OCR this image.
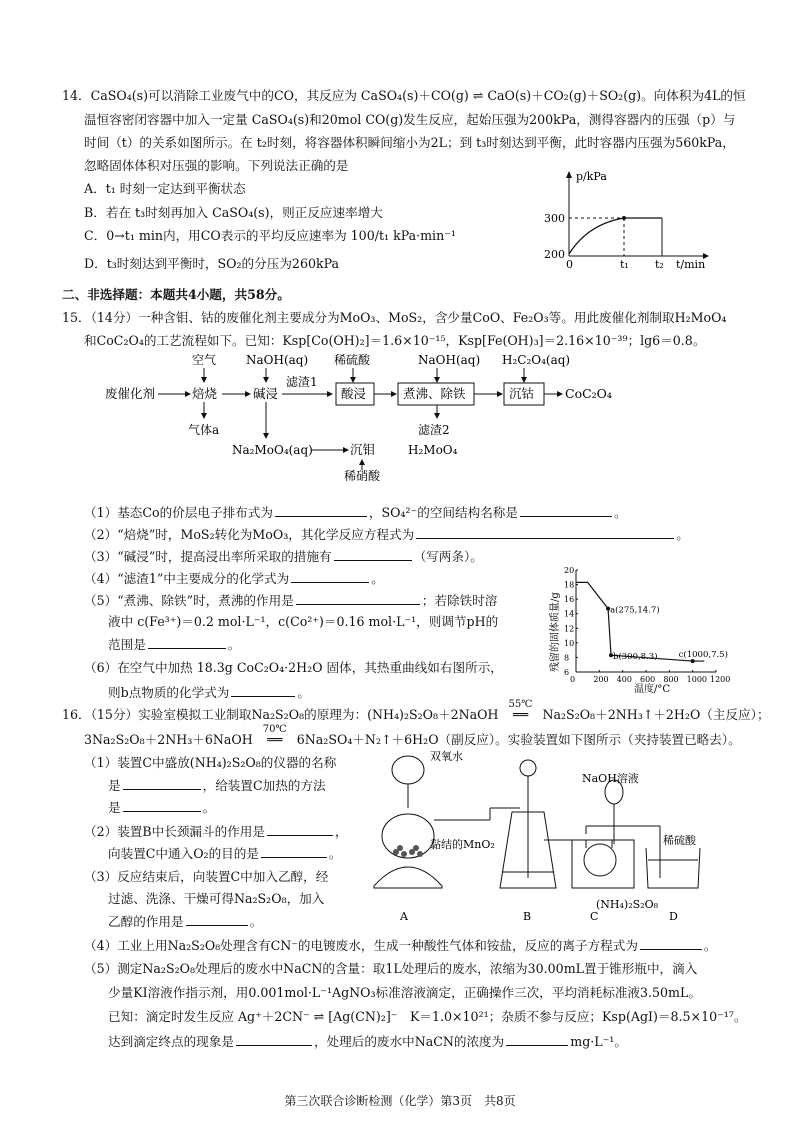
14．CaSO₄(s)可以消除工业废气中的CO，其反应为 CaSO₄(s)＋CO(g) ⇌ CaO(s)＋CO₂(g)＋SO₂(g)。向体积为4L的恒
温恒容密闭容器中加入一定量 CaSO₄(s)和20mol CO(g)发生反应，起始压强为200kPa，测得容器内的压强（p）与
时间（t）的关系如图所示。在 t₂时刻，将容器体积瞬间缩小为2L；到 t₃时刻达到平衡，此时容器内压强为560kPa，
忽略固体体积对压强的影响。下列说法正确的是
A．t₁ 时刻一定达到平衡状态
B．若在 t₃时刻再加入 CaSO₄(s)，则正反应速率增大
C．0→t₁ min内，用CO表示的平均反应速率为 100/t₁ kPa·min⁻¹
D．t₃时刻达到平衡时，SO₂的分压为260kPa
p/kPa
t/min
300
200
0	t₁ t₂
二、非选择题：本题共4小题，共58分。
15．（14分）一种含钼、钴的废催化剂主要成分为MoO₃、MoS₂，含少量CoO、Fe₂O₃等。用此废催化剂制取H₂MoO₄
和CoC₂O₄的工艺流程如下。已知：Ksp[Co(OH)₂]＝1.6×10⁻¹⁵，Ksp[Fe(OH)₃]＝2.16×10⁻³⁹；lg6＝0.8。
废催化剂
空气
焙烧
气体a
NaOH(aq)
碱浸
滤渣1
稀硫酸
酸浸
NaOH(aq)
煮沸、除铁
滤渣2
H₂C₂O₄(aq)
沉钴 CoC₂O₄
Na₂MoO₄(aq)	沉钼
稀硝酸
H₂MoO₄
（1）基态Co的价层电子排布式为	，SO₄²⁻的空间结构名称是	。
（2）“焙烧”时，MoS₂转化为MoO₃，其化学反应方程式为	。
（3）“碱浸”时，提高浸出率所采取的措施有	（写两条）。
（4）“滤渣1”中主要成分的化学式为	。
（5）“煮沸、除铁”时，煮沸的作用是	；若除铁时溶
液中 c(Fe³⁺)＝0.2 mol·L⁻¹，c(Co²⁺)＝0.16 mol·L⁻¹，则调节pH的
范围是	。
（6）在空气中加热 18.3g CoC₂O₄·2H₂O 固体，其热重曲线如右图所示，
则b点物质的化学式为	。
0 200 400 600 800 1000 1200
6
8
10
12
14
16
18
20
a(275,14.7)
b(300,8.3) c(1000,7.5)
残留的固体质量/g
温度/°C
16．（15分）实验室模拟工业制取Na₂S₂O₈的原理为：(NH₄)₂S₂O₈＋2NaOH
55℃
══ Na₂S₂O₈＋2NH₃↑＋2H₂O（主反应）；
3Na₂S₂O₈＋2NH₃＋6NaOH
70℃
══ 6Na₂SO₄＋N₂↑＋6H₂O（副反应）。实验装置如下图所示（夹持装置已略去）。
（1）装置C中盛放(NH₄)₂S₂O₈的仪器的名称
是	，给装置C加热的方法
是	。
（2）装置B中长颈漏斗的作用是	，
向装置C中通入O₂的目的是	。
（3）反应结束后，向装置C中加入乙醇，经
过滤、洗涤、干燥可得Na₂S₂O₈，加入
乙醇的作用是	。
双氧水
黏结的MnO₂
A	B
NaOH溶液
(NH₄)₂S₂O₈
C
稀硫酸
D
（4）工业上用Na₂S₂O₈处理含有CN⁻的电镀废水，生成一种酸性气体和铵盐，反应的离子方程式为	。
（5）测定Na₂S₂O₈处理后的废水中NaCN的含量：取1L处理后的废水，浓缩为30.00mL置于锥形瓶中，滴入
少量KI溶液作指示剂，用0.001mol·L⁻¹AgNO₃标准溶液滴定，正确操作三次，平均消耗标准液3.50mL。
已知：滴定时发生反应 Ag⁺＋2CN⁻ ⇌ [Ag(CN)₂]⁻　K＝1.0×10²¹；杂质不参与反应；Ksp(AgI)＝8.5×10⁻¹⁷。
达到滴定终点的现象是	，处理后的废水中NaCN的浓度为	mg·L⁻¹。
第三次联合诊断检测（化学）第3页　共8页
